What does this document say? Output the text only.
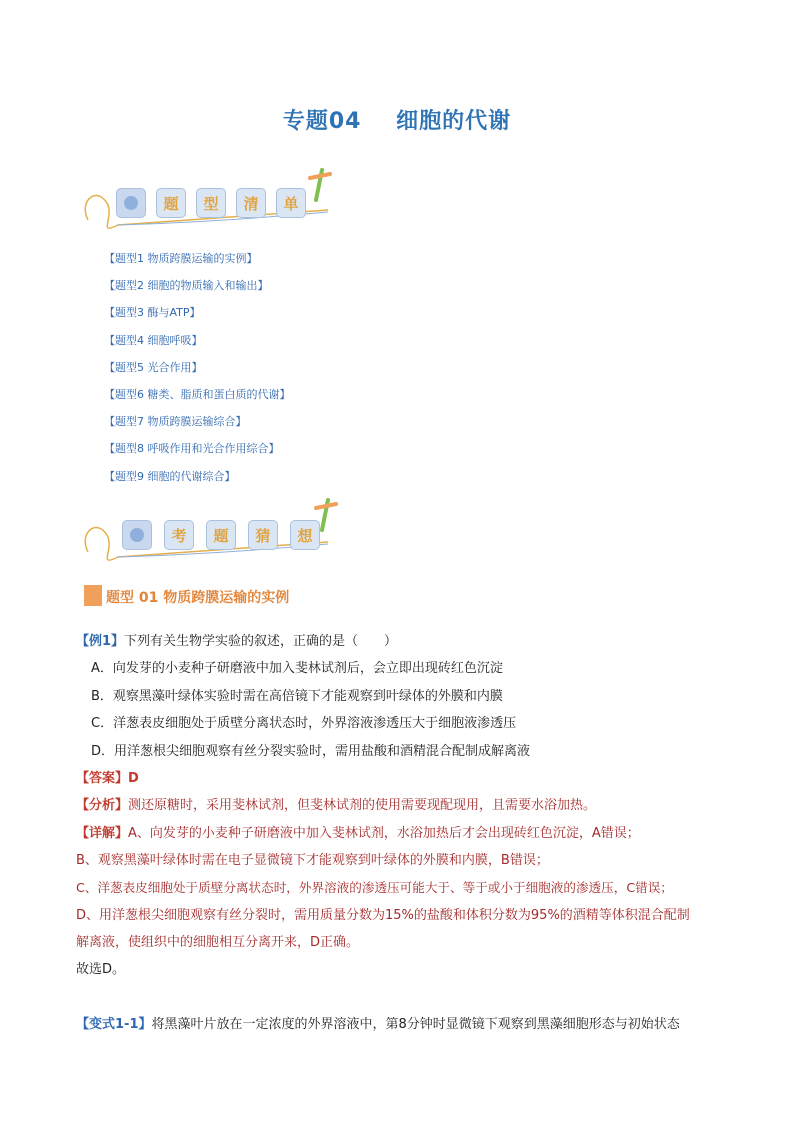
专题04    细胞的代谢
题	型	清	单
【题型1 物质跨膜运输的实例】
【题型2 细胞的物质输入和输出】
【题型3 酶与ATP】
【题型4 细胞呼吸】
【题型5 光合作用】
【题型6 糖类、脂质和蛋白质的代谢】
【题型7 物质跨膜运输综合】
【题型8 呼吸作用和光合作用综合】
【题型9 细胞的代谢综合】
考	题	猜	想
题型 01 物质跨膜运输的实例
【例1】下列有关生物学实验的叙述，正确的是（　　）
A．向发芽的小麦种子研磨液中加入斐林试剂后，会立即出现砖红色沉淀
B．观察黑藻叶绿体实验时需在高倍镜下才能观察到叶绿体的外膜和内膜
C．洋葱表皮细胞处于质壁分离状态时，外界溶液渗透压大于细胞液渗透压
D．用洋葱根尖细胞观察有丝分裂实验时，需用盐酸和酒精混合配制成解离液
【答案】D
【分析】测还原糖时，采用斐林试剂，但斐林试剂的使用需要现配现用，且需要水浴加热。
【详解】A、向发芽的小麦种子研磨液中加入斐林试剂，水浴加热后才会出现砖红色沉淀，A错误；
B、观察黑藻叶绿体时需在电子显微镜下才能观察到叶绿体的外膜和内膜，B错误；
C、洋葱表皮细胞处于质壁分离状态时，外界溶液的渗透压可能大于、等于或小于细胞液的渗透压，C错误；
D、用洋葱根尖细胞观察有丝分裂时，需用质量分数为15%的盐酸和体积分数为95%的酒精等体积混合配制
解离液，使组织中的细胞相互分离开来，D正确。
故选D。
【变式1-1】将黑藻叶片放在一定浓度的外界溶液中，第8分钟时显微镜下观察到黑藻细胞形态与初始状态
